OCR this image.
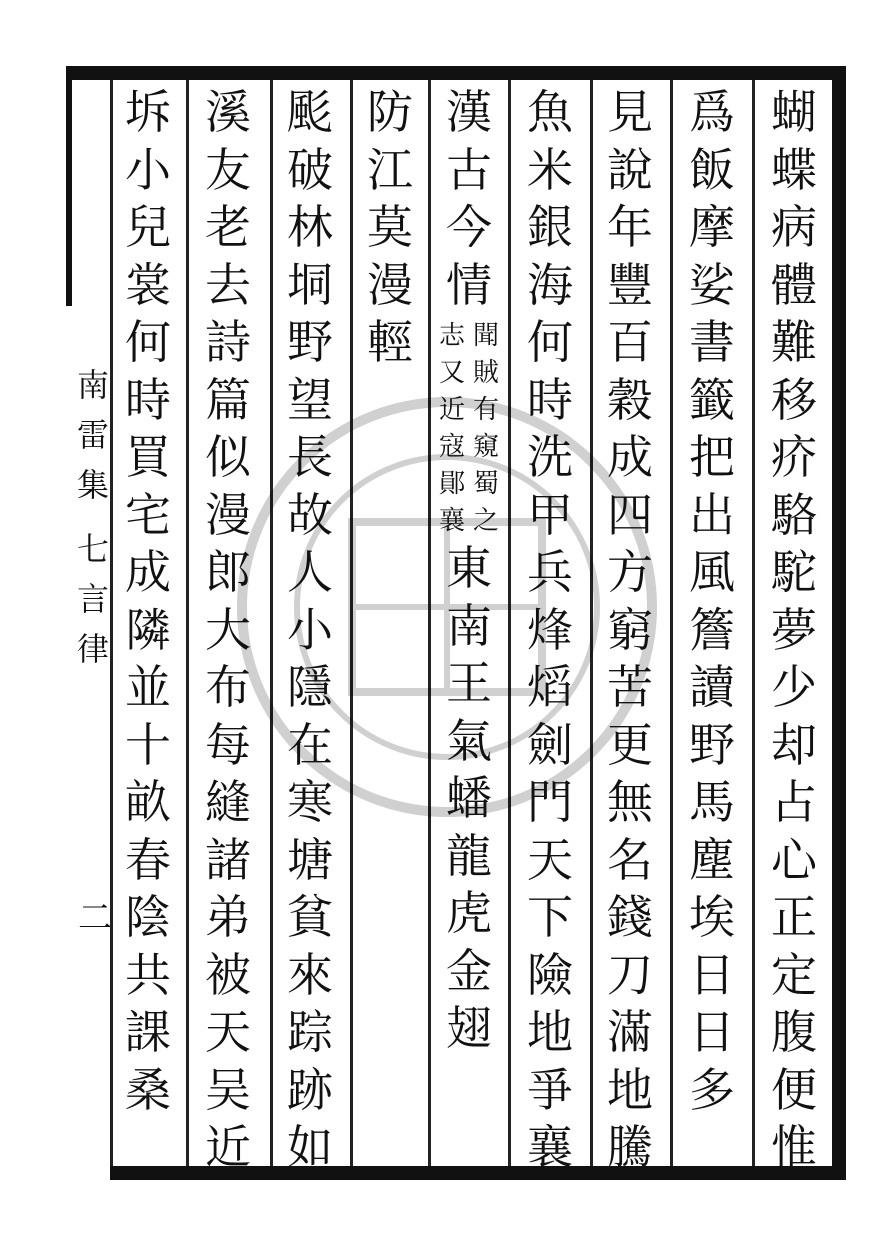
蝴
蝶
病
體
難
移
疥
駱
駝
夢
少
却
占
心
正
定
腹
便
惟
爲
飯
摩
娑
書
籤
把
出
風
簷
讀
野
馬
塵
埃
日
日
多
見
說
年
豐
百
穀
成
四
方
窮
苦
更
無
名
錢
刀
滿
地
騰
魚
米
銀
海
何
時
洗
甲
兵
烽
熖
劍
門
天
下
險
地
爭
襄
漢
古
今
情
聞
賊
有
窺
蜀
之
志
又
近
寇
鄖
襄
東
南
王
氣
蟠
龍
虎
金
翅
防
江
莫
漫
輕
颩
破
林
垌
野
望
長
故
人
小
隱
在
寒
塘
貧
來
踪
跡
如
溪
友
老
去
詩
篇
似
漫
郎
大
布
每
縫
諸
弟
被
天
吴
近
坼
小
兒
裳
何
時
買
宅
成
隣
並
十
畝
春
陰
共
課
桑
南
雷
集
七
言
律
二
